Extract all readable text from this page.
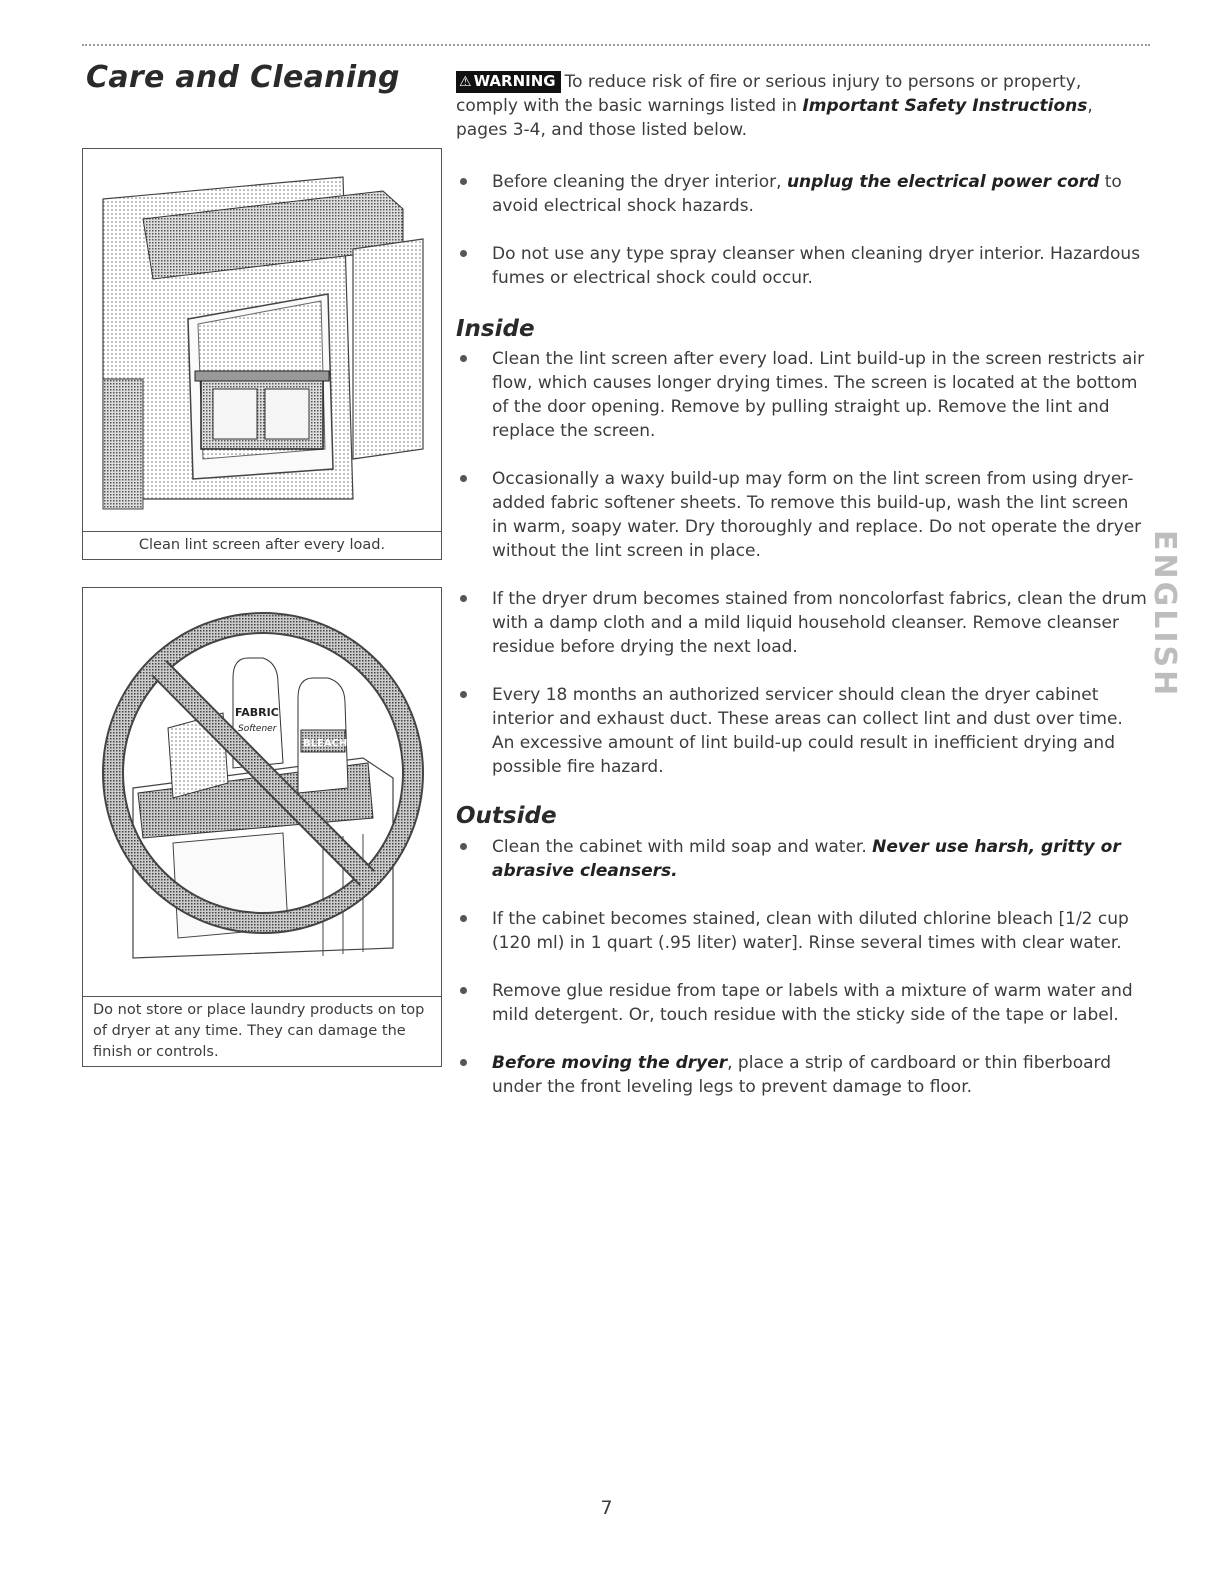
Care and Cleaning	⚠ WARNING To reduce risk of fire or serious injury to persons or property, comply with the basic warnings listed in Important Safety Instructions, pages 3-4, and those listed below.
Before cleaning the dryer interior, unplug the electrical power cord to avoid electrical shock hazards.
Do not use any type spray cleanser when cleaning dryer interior. Hazardous fumes or electrical shock could occur.
Inside
Clean the lint screen after every load. Lint build-up in the screen restricts air flow, which causes longer drying times. The screen is located at the bottom of the door opening. Remove by pulling straight up. Remove the lint and replace the screen.
Occasionally a waxy build-up may form on the lint screen from using dryer-added fabric softener sheets. To remove this build-up, wash the lint screen in warm, soapy water. Dry thoroughly and replace. Do not operate the dryer without the lint screen in place.
If the dryer drum becomes stained from noncolorfast fabrics, clean the drum with a damp cloth and a mild liquid household cleanser. Remove cleanser residue before drying the next load.
Every 18 months an authorized servicer should clean the dryer cabinet interior and exhaust duct. These areas can collect lint and dust over time. An excessive amount of lint build-up could result in inefficient drying and possible fire hazard.
Outside
Clean the cabinet with mild soap and water. Never use harsh, gritty or abrasive cleansers.
If the cabinet becomes stained, clean with diluted chlorine bleach [1/2 cup (120 ml) in 1 quart (.95 liter) water]. Rinse several times with clear water.
Remove glue residue from tape or labels with a mixture of warm water and mild detergent. Or, touch residue with the sticky side of the tape or label.
Before moving the dryer, place a strip of cardboard or thin fiberboard under the front leveling legs to prevent damage to floor.
Clean lint screen after every load.
FABRIC
Softener
BLEACH
Do not store or place laundry products on top of dryer at any time. They can damage the finish or controls.
ENGLISH
7
